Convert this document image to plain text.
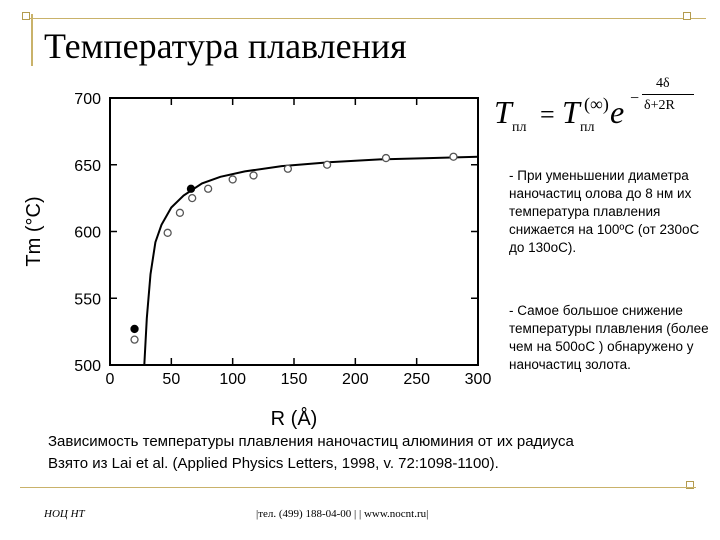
Температура плавления
0	50 100 150 200 250 300
500
550
600
650
700
R (Å)
Tm (°C)
T пл = T пл
(∞) e −
4δ
δ+2R
- При уменьшении диаметра наночастиц олова до 8 нм их температура плавления снижается на 100ºС (от 230оС до 130оС).
- Самое большое снижение температуры плавления (более чем на 500оС ) обнаружено у наночастиц золота.
Зависимость температуры плавления наночастиц алюминия от их радиуса
Взято из Lai et al. (Applied Physics Letters, 1998, v. 72:1098-1100).
НОЦ НТ	|тел. (499) 188-04-00 | | www.nocnt.ru|
